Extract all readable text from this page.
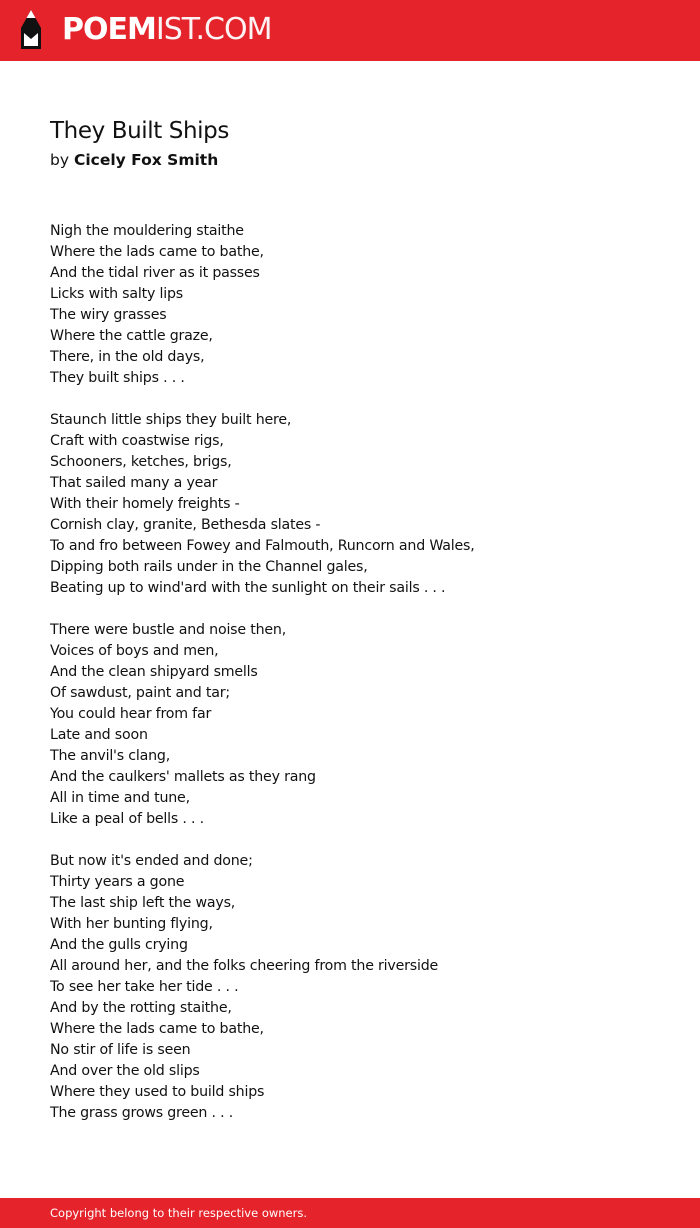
POEMIST.COM
They Built Ships

by Cicely Fox Smith

Nigh the mouldering staithe
Where the lads came to bathe,
And the tidal river as it passes
Licks with salty lips
The wiry grasses
Where the cattle graze,
There, in the old days,
They built ships . . .
Staunch little ships they built here,
Craft with coastwise rigs,
Schooners, ketches, brigs,
That sailed many a year
With their homely freights -
Cornish clay, granite, Bethesda slates -
To and fro between Fowey and Falmouth, Runcorn and Wales,
Dipping both rails under in the Channel gales,
Beating up to wind'ard with the sunlight on their sails . . .
There were bustle and noise then,
Voices of boys and men,
And the clean shipyard smells
Of sawdust, paint and tar;
You could hear from far
Late and soon
The anvil's clang,
And the caulkers' mallets as they rang
All in time and tune,
Like a peal of bells . . .
But now it's ended and done;
Thirty years a gone
The last ship left the ways,
With her bunting flying,
And the gulls crying
All around her, and the folks cheering from the riverside
To see her take her tide . . .
And by the rotting staithe,
Where the lads came to bathe,
No stir of life is seen
And over the old slips
Where they used to build ships
The grass grows green . . .
Copyright belong to their respective owners.
